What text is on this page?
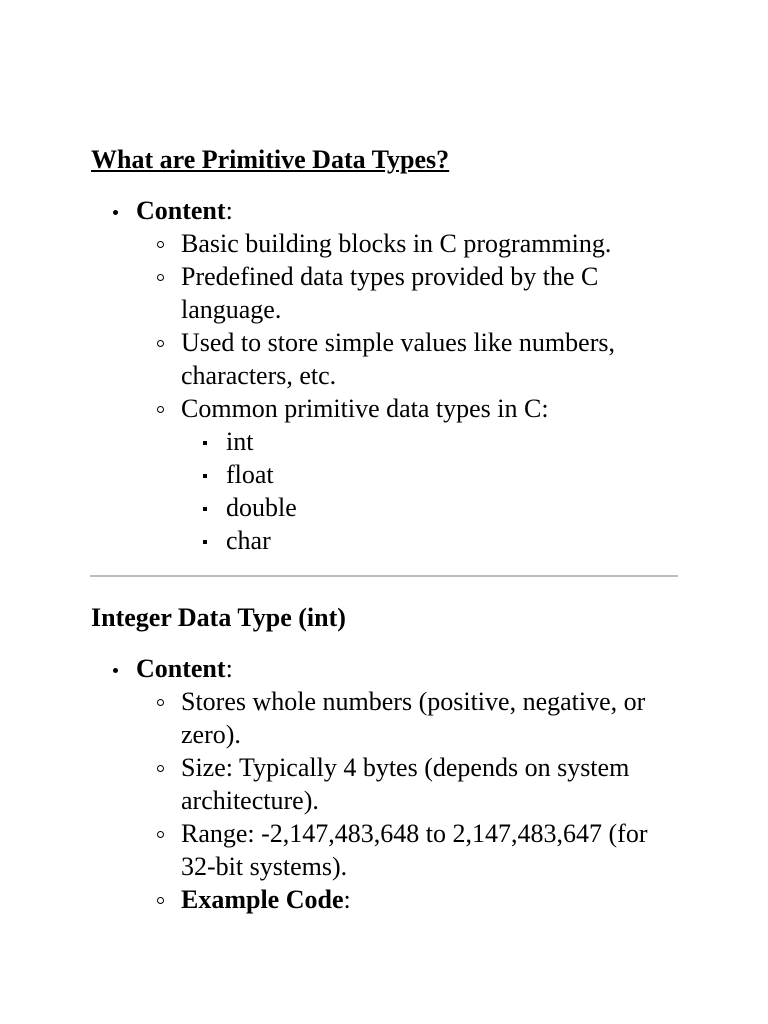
What are Primitive Data Types?
Content:
Basic building blocks in C programming.
Predefined data types provided by the C language.
Used to store simple values like numbers, characters, etc.
Common primitive data types in C:
int
float
double
char
Integer Data Type (int)
Content:
Stores whole numbers (positive, negative, or zero).
Size: Typically 4 bytes (depends on system architecture).
Range: -2,147,483,648 to 2,147,483,647 (for 32-bit systems).
Example Code:
